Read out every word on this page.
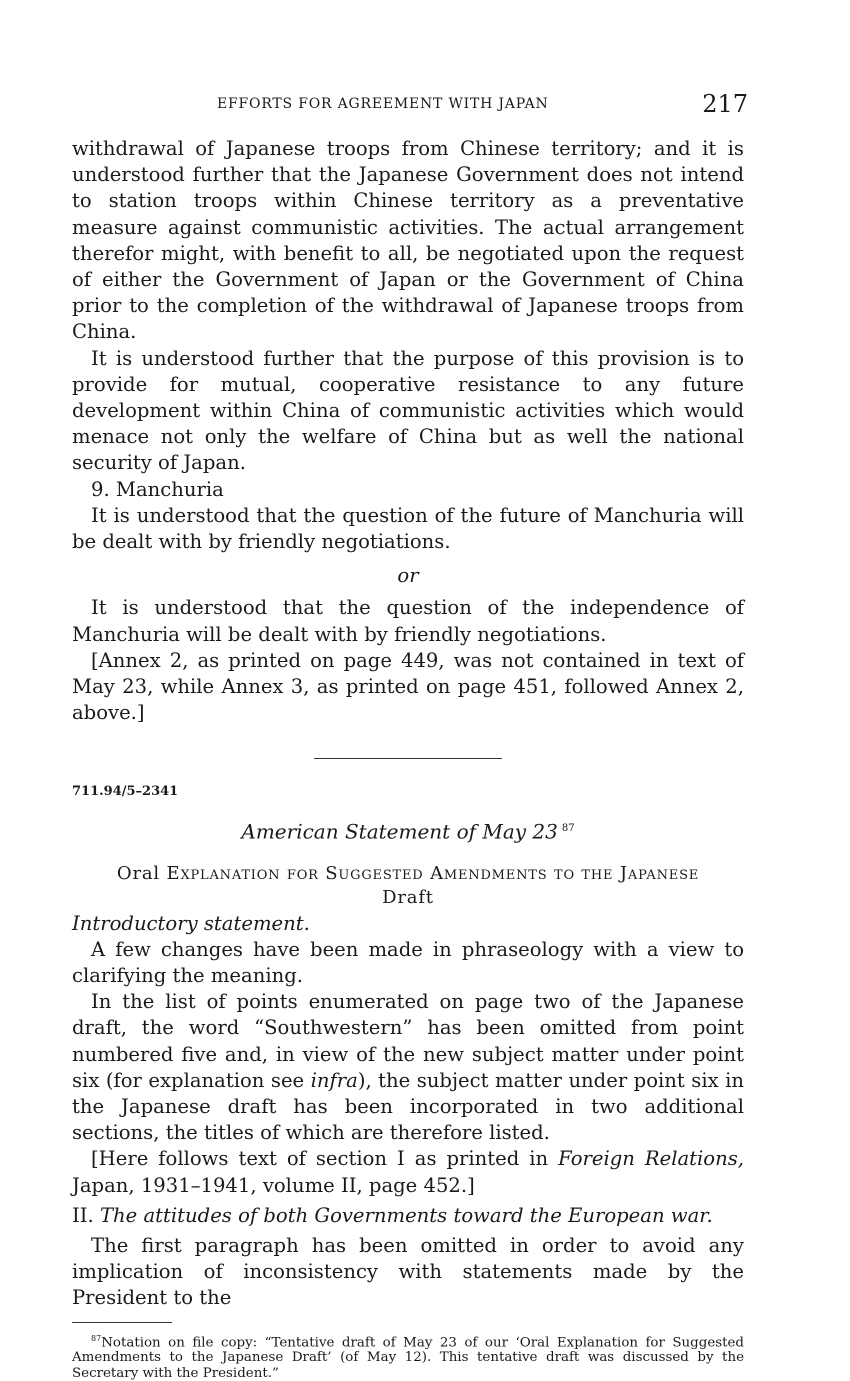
EFFORTS FOR AGREEMENT WITH JAPAN	217

withdrawal of Japanese troops from Chinese territory; and it is understood further that the Japanese Government does not intend to station troops within Chinese territory as a preventative measure against communistic activities. The actual arrangement therefor might, with benefit to all, be negotiated upon the request of either the Government of Japan or the Government of China prior to the completion of the withdrawal of Japanese troops from China.

It is understood further that the purpose of this provision is to provide for mutual, cooperative resistance to any future development within China of communistic activities which would menace not only the welfare of China but as well the national security of Japan.

9. Manchuria

It is understood that the question of the future of Manchuria will be dealt with by friendly negotiations.

or

It is understood that the question of the independence of Manchuria will be dealt with by friendly negotiations.

[Annex 2, as printed on page 449, was not contained in text of May 23, while Annex 3, as printed on page 451, followed Annex 2, above.]

711.94/5–2341

American Statement of May 23 $^{87}$

Oral Explanation for Suggested Amendments to the Japanese

Draft

Introductory statement.

A few changes have been made in phraseology with a view to clarifying the meaning.

In the list of points enumerated on page two of the Japanese draft, the word “Southwestern” has been omitted from point numbered five and, in view of the new subject matter under point six (for explanation see infra), the subject matter under point six in the Japanese draft has been incorporated in two additional sections, the titles of which are therefore listed.

[Here follows text of section I as printed in Foreign Relations, Japan, 1931–1941, volume II, page 452.]

II. The attitudes of both Governments toward the European war.

The first paragraph has been omitted in order to avoid any implication of inconsistency with statements made by the President to the

$^{87}$Notation on file copy: “Tentative draft of May 23 of our ‘Oral Explanation for Suggested Amendments to the Japanese Draft’ (of May 12). This tentative draft was discussed by the Secretary with the President.”
